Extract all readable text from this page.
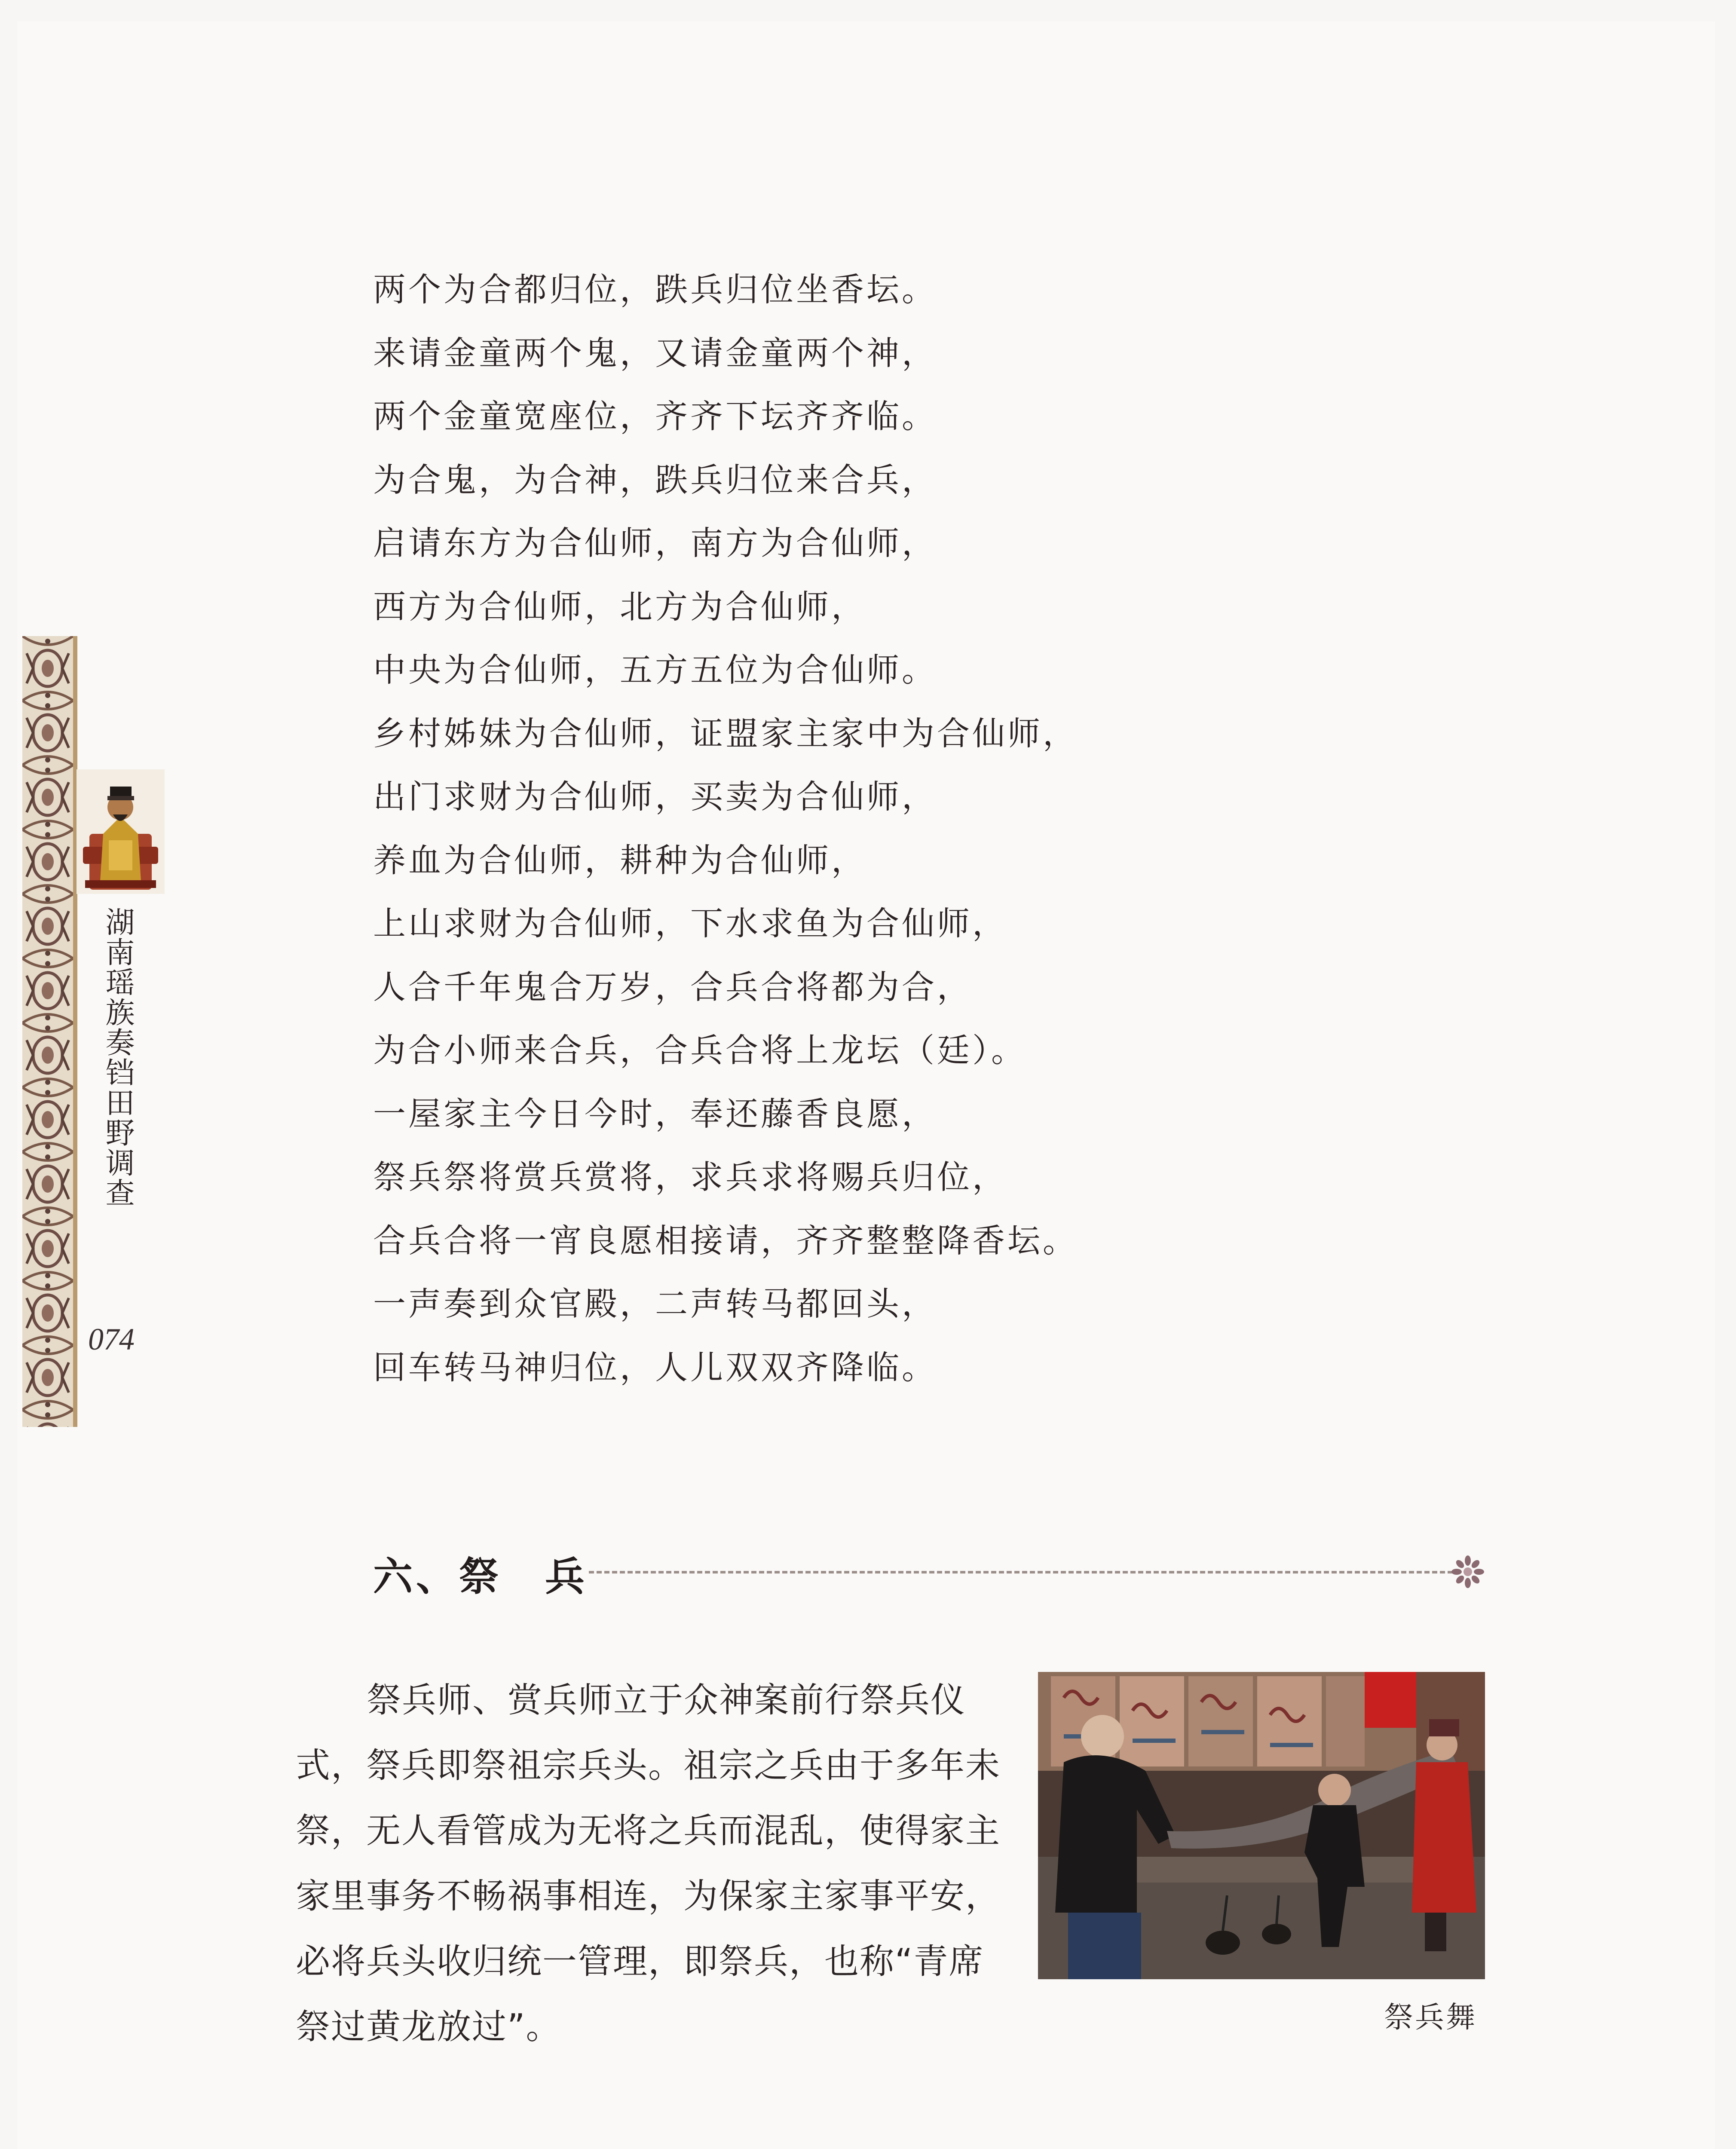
湖南瑶族奏铛田野调查
074
两个为合都归位，跌兵归位坐香坛。
来请金童两个鬼，又请金童两个神，
两个金童宽座位，齐齐下坛齐齐临。
为合鬼，为合神，跌兵归位来合兵，
启请东方为合仙师，南方为合仙师，
西方为合仙师，北方为合仙师，
中央为合仙师，五方五位为合仙师。
乡村姊妹为合仙师，证盟家主家中为合仙师，
出门求财为合仙师，买卖为合仙师，
养血为合仙师，耕种为合仙师，
上山求财为合仙师，下水求鱼为合仙师，
人合千年鬼合万岁，合兵合将都为合，
为合小师来合兵，合兵合将上龙坛（廷）。
一屋家主今日今时，奉还藤香良愿，
祭兵祭将赏兵赏将，求兵求将赐兵归位，
合兵合将一宵良愿相接请，齐齐整整降香坛。
一声奏到众官殿，二声转马都回头，
回车转马神归位，人儿双双齐降临。
六、祭　兵

祭兵师、赏兵师立于众神案前行祭兵仪式，祭兵即祭祖宗兵头。祖宗之兵由于多年未祭，无人看管成为无将之兵而混乱，使得家主家里事务不畅祸事相连，为保家主家事平安，必将兵头收归统一管理，即祭兵，也称“青席祭过黄龙放过”。	祭兵舞
